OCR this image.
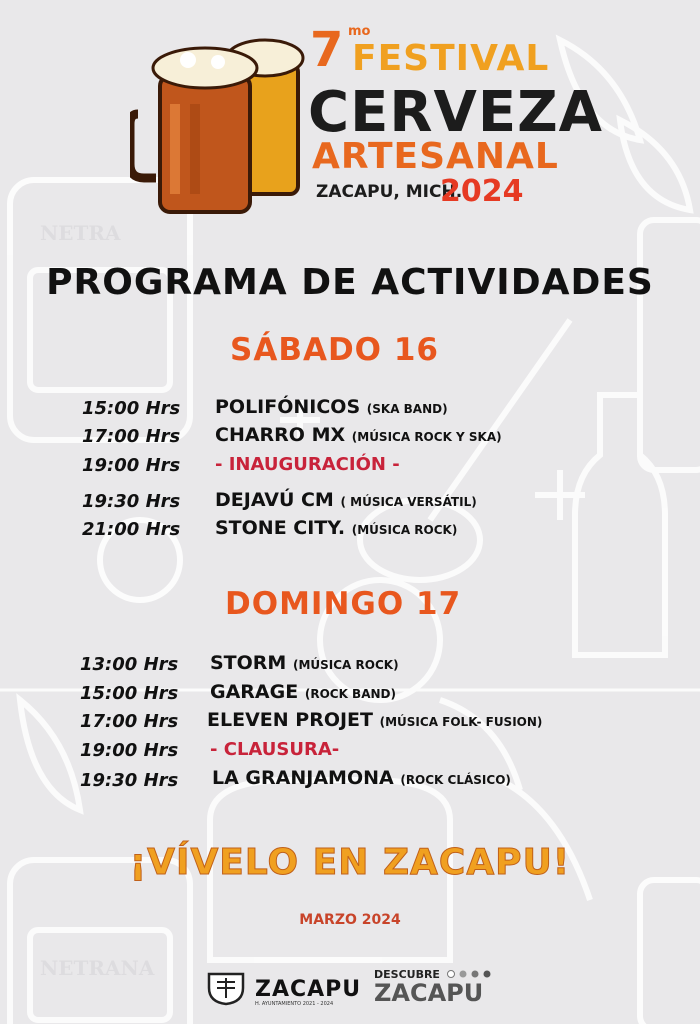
NETRA
NETRANA
7 mo
FESTIVAL
CERVEZA
ARTESANAL
ZACAPU, MICH.
2024
PROGRAMA DE ACTIVIDADES
SÁBADO 16
15:00 Hrs POLIFÓNICOS (SKA BAND)
17:00 Hrs CHARRO MX (MÚSICA ROCK Y SKA)
19:00 Hrs - INAUGURACIÓN -
19:30 Hrs DEJAVÚ CM ( MÚSICA VERSÁTIL)
21:00 Hrs STONE CITY. (MÚSICA ROCK)
DOMINGO 17
13:00 Hrs STORM (MÚSICA ROCK)
15:00 Hrs GARAGE (ROCK BAND)
17:00 Hrs ELEVEN PROJET (MÚSICA FOLK- FUSION)
19:00 Hrs - CLAUSURA-
19:30 Hrs LA GRANJAMONA (ROCK CLÁSICO)
¡VÍVELO EN ZACAPU!
MARZO 2024
ZACAPU
H. AYUNTAMIENTO 2021 - 2024
DESCUBRE
ZACAPU
